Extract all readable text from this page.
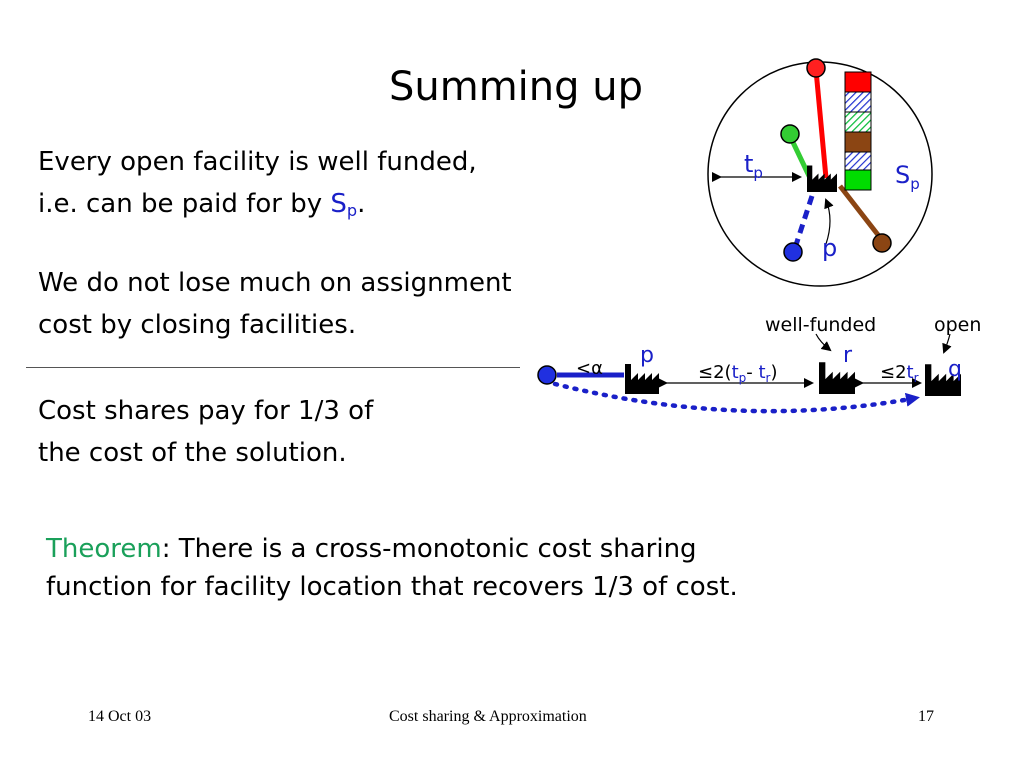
Summing up
Every open facility is well funded,
i.e. can be paid for by $S_p$.
We do not lose much on assignment
cost by closing facilities.
Cost shares pay for 1/3 of
the cost of the solution.
Theorem: There is a cross-monotonic cost sharing
function for facility location that recovers 1/3 of cost.
$t_p$	$S_p$
p
well-funded	open
<α
p
$\le 2(t_p-$ $t_r$)
r
$\le 2t_r$ q
14 Oct 03	Cost sharing & Approximation	17
